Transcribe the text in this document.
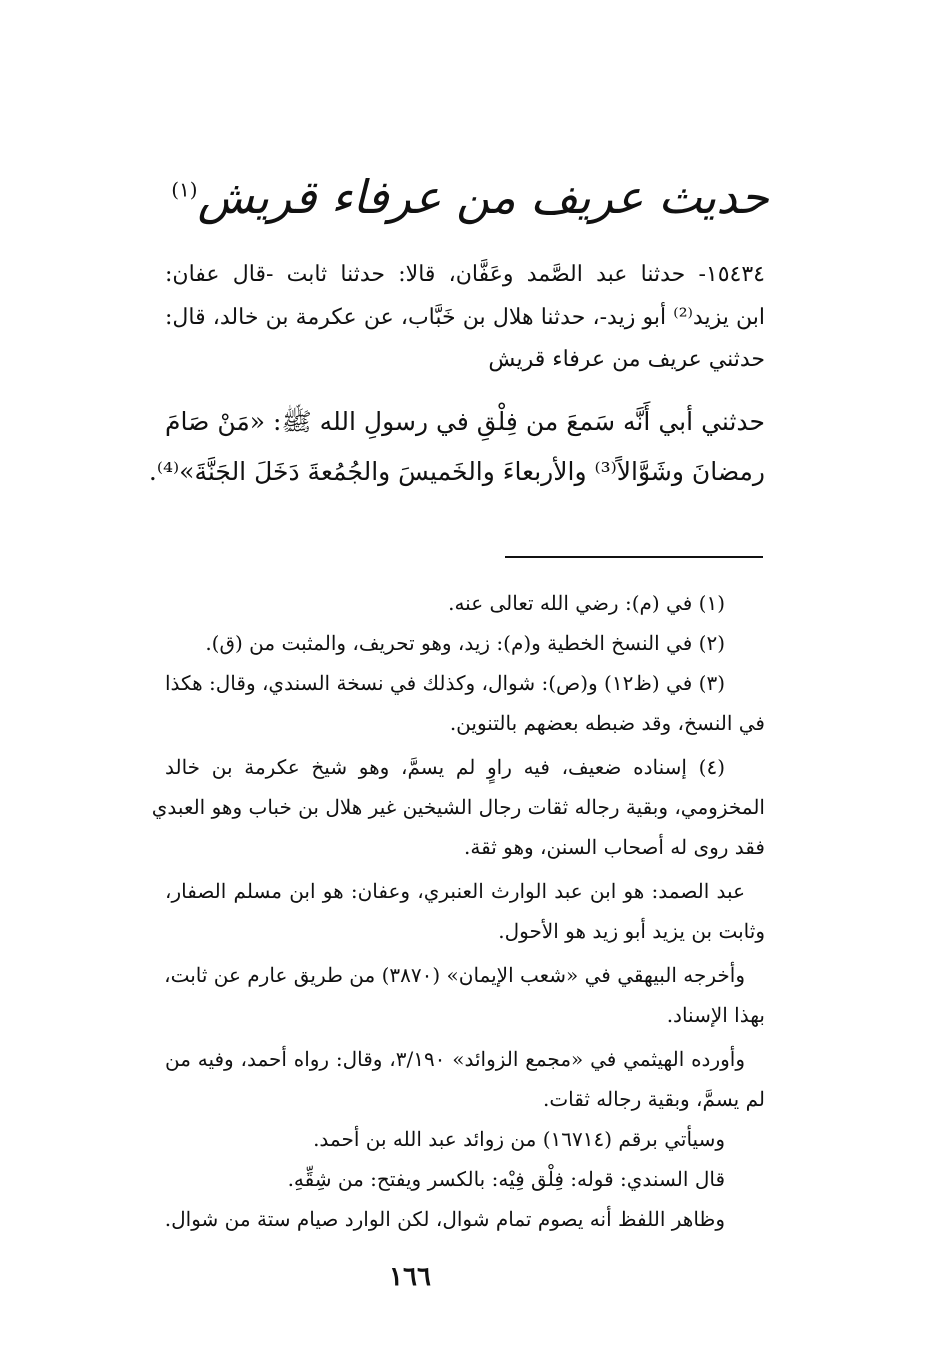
حديث عريف من عرفاء قريش$^{(١)}$
١٥٤٣٤- حدثنا عبد الصَّمد وعَفَّان، قالا: حدثنا ثابت -قال عفان:
ابن يزيد⁽²⁾ أبو زيد-، حدثنا هلال بن خَبَّاب، عن عكرمة بن خالد، قال:
حدثني عريف من عرفاء قريش
حدثني أبي أَنَّه سَمعَ من فِلْقِ في رسولِ الله ﷺ: «مَنْ صَامَ
رمضانَ وشَوَّالاً⁽³⁾ والأربعاءَ والخَميسَ والجُمُعةَ دَخَلَ الجَنَّةَ»⁽⁴⁾.
(١) في (م): رضي الله تعالى عنه.
(٢) في النسخ الخطية و(م): زيد، وهو تحريف، والمثبت من (ق).
(٣) في (ظ١٢) و(ص): شوال، وكذلك في نسخة السندي، وقال: هكذا
في النسخ، وقد ضبطه بعضهم بالتنوين.
(٤) إسناده ضعيف، فيه راوٍ لم يسمَّ، وهو شيخ عكرمة بن خالد
المخزومي، وبقية رجاله ثقات رجال الشيخين غير هلال بن خباب وهو العبدي
فقد روى له أصحاب السنن، وهو ثقة.
عبد الصمد: هو ابن عبد الوارث العنبري، وعفان: هو ابن مسلم الصفار،
وثابت بن يزيد أبو زيد هو الأحول.
وأخرجه البيهقي في «شعب الإيمان» (٣٨٧٠) من طريق عارم عن ثابت،
بهذا الإسناد.
وأورده الهيثمي في «مجمع الزوائد» ٣/١٩٠، وقال: رواه أحمد، وفيه من
لم يسمَّ، وبقية رجاله ثقات.
وسيأتي برقم (١٦٧١٤) من زوائد عبد الله بن أحمد.
قال السندي: قوله: فِلْق فِيْه: بالكسر ويفتح: من شِقِّهِ.
وظاهر اللفظ أنه يصوم تمام شوال، لكن الوارد صيام ستة من شوال.
١٦٦
